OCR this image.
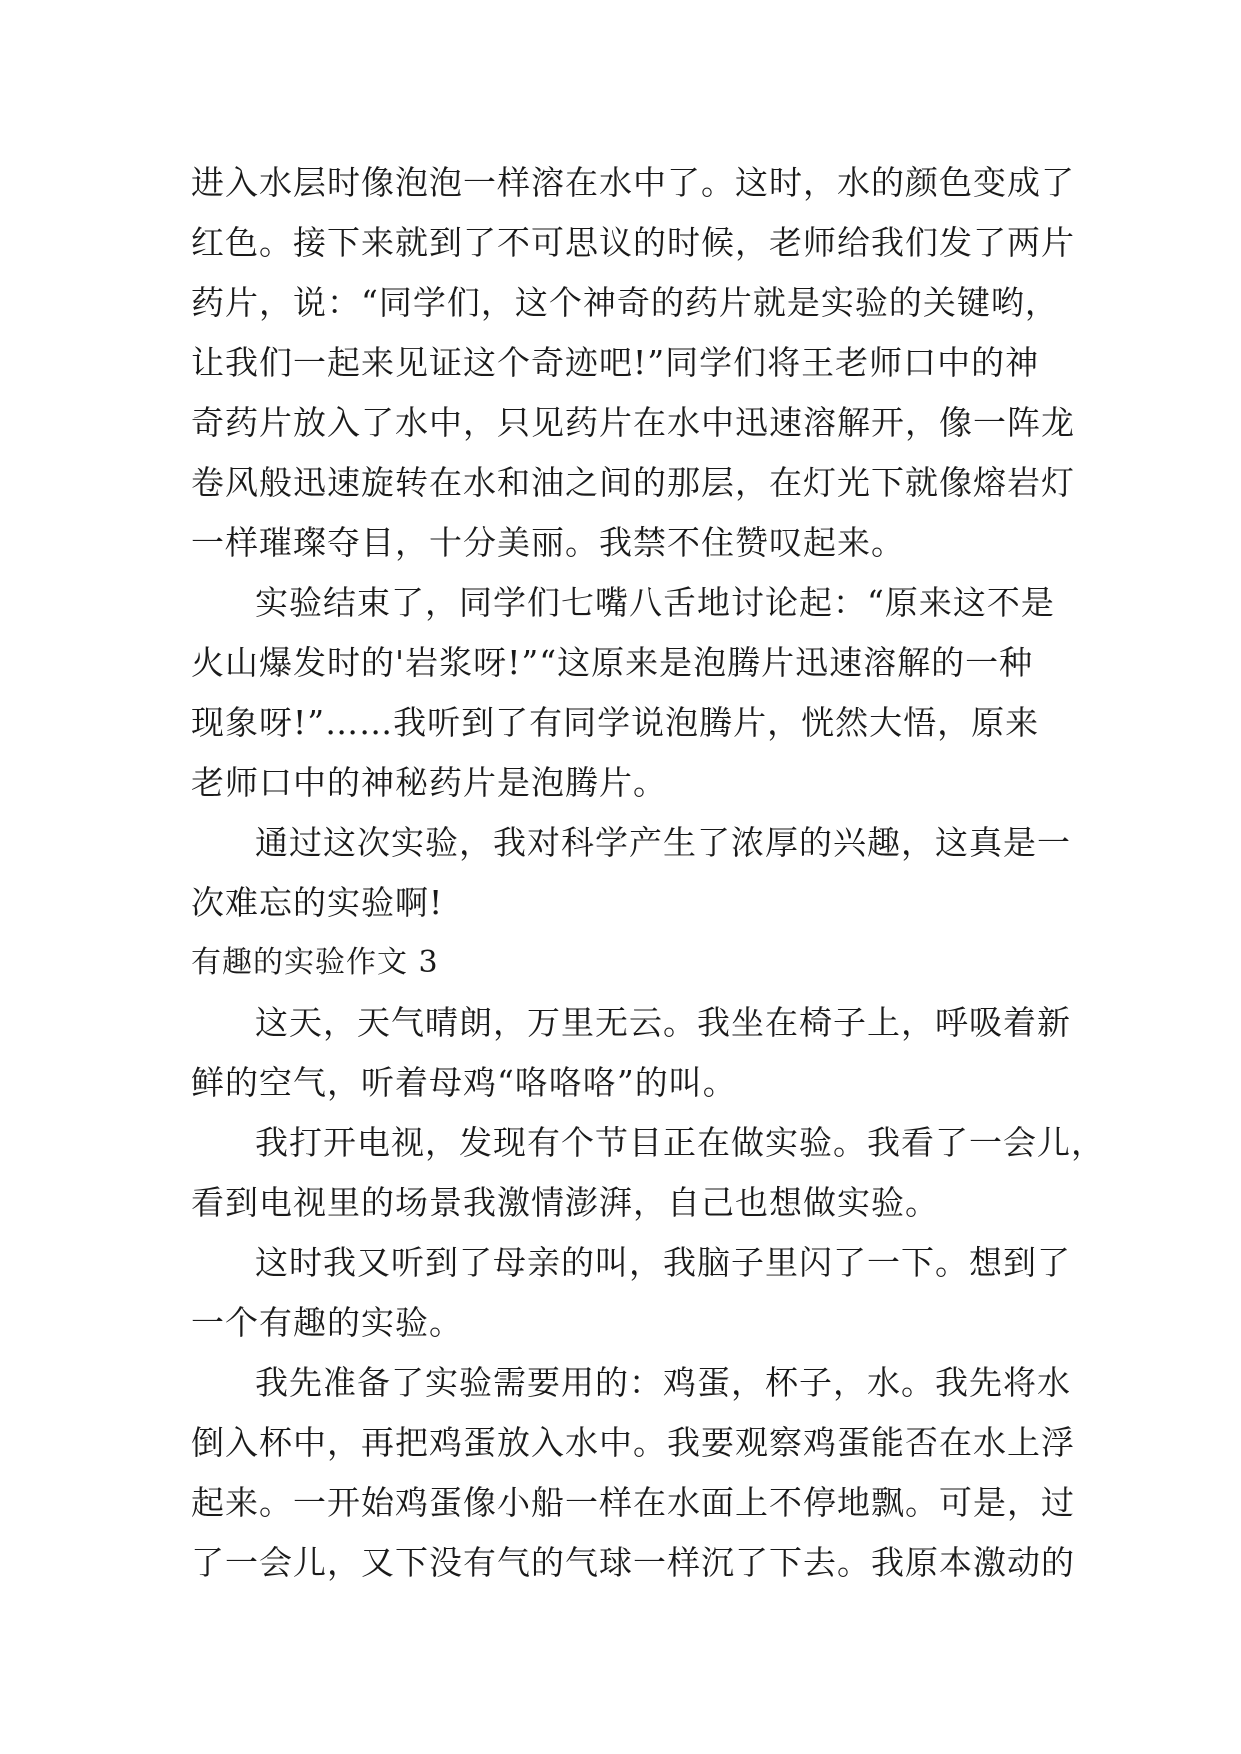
进入水层时像泡泡一样溶在水中了。这时，水的颜色变成了
红色。接下来就到了不可思议的时候，老师给我们发了两片
药片，说：“同学们，这个神奇的药片就是实验的关键哟，
让我们一起来见证这个奇迹吧!”同学们将王老师口中的神
奇药片放入了水中，只见药片在水中迅速溶解开，像一阵龙
卷风般迅速旋转在水和油之间的那层，在灯光下就像熔岩灯
一样璀璨夺目，十分美丽。我禁不住赞叹起来。
实验结束了，同学们七嘴八舌地讨论起：“原来这不是
火山爆发时的'岩浆呀!”“这原来是泡腾片迅速溶解的一种
现象呀!”……我听到了有同学说泡腾片，恍然大悟，原来
老师口中的神秘药片是泡腾片。
通过这次实验，我对科学产生了浓厚的兴趣，这真是一
次难忘的实验啊!
有趣的实验作文 3
这天，天气晴朗，万里无云。我坐在椅子上，呼吸着新
鲜的空气，听着母鸡“咯咯咯”的叫。
我打开电视，发现有个节目正在做实验。我看了一会儿，
看到电视里的场景我激情澎湃，自己也想做实验。
这时我又听到了母亲的叫，我脑子里闪了一下。想到了
一个有趣的实验。
我先准备了实验需要用的：鸡蛋，杯子，水。我先将水
倒入杯中，再把鸡蛋放入水中。我要观察鸡蛋能否在水上浮
起来。一开始鸡蛋像小船一样在水面上不停地飘。可是，过
了一会儿，又下没有气的气球一样沉了下去。我原本激动的
